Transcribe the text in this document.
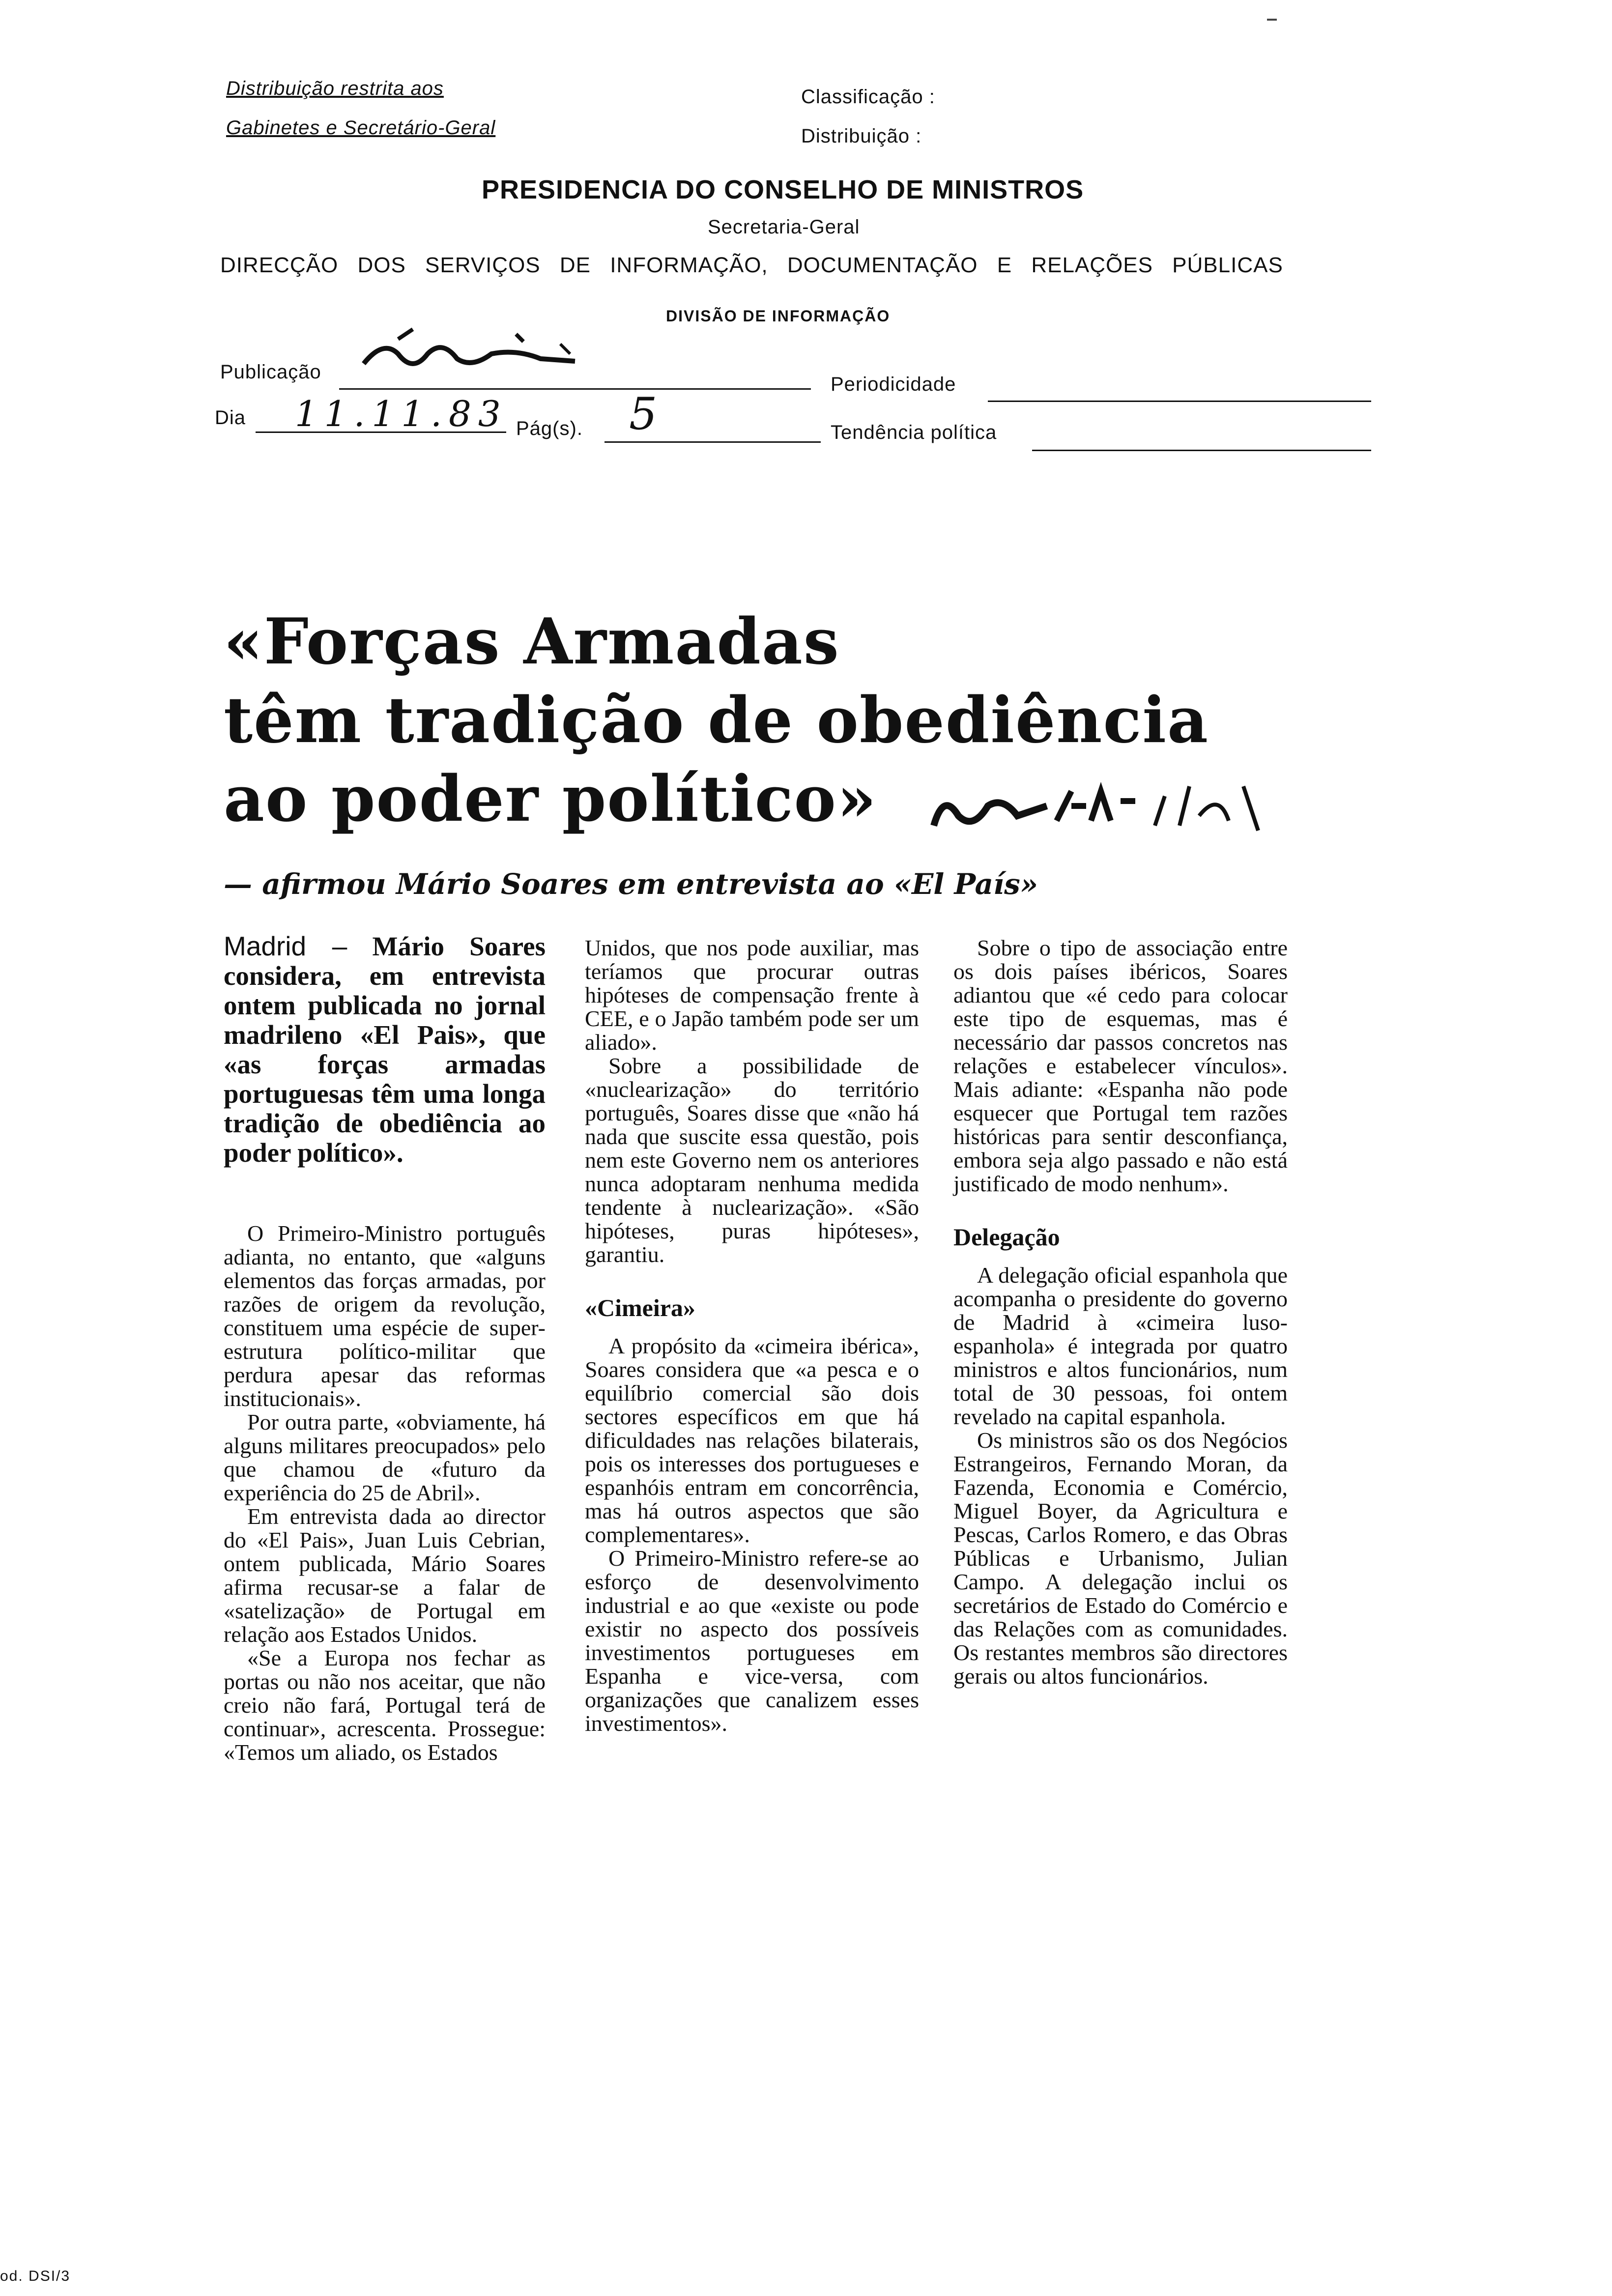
Distribuição restrita aos
Gabinetes e Secretário-Geral
Classificação :
Distribuição :
PRESIDENCIA DO CONSELHO DE MINISTROS
Secretaria-Geral
DIRECÇÃO DOS SERVIÇOS DE INFORMAÇÃO, DOCUMENTAÇÃO E RELAÇÕES PÚBLICAS
DIVISÃO DE INFORMAÇÃO
Publicação
Periodicidade
Dia 11.11.83 Pág(s). 5	Tendência política
«Forças Armadas
têm tradição de obediência
ao poder político»
— afirmou Mário Soares em entrevista ao «El País»
Madrid – Mário Soares considera, em entrevista ontem publicada no jornal madrileno «El Pais», que «as forças armadas portuguesas têm uma longa tradição de obediência ao poder político».

O Primeiro-Ministro português adianta, no entanto, que «alguns elementos das forças armadas, por razões de origem da revolução, constituem uma espécie de super-estrutura político-militar que perdura apesar das reformas institucionais».

Por outra parte, «obviamente, há alguns militares preocupados» pelo que chamou de «futuro da experiência do 25 de Abril».

Em entrevista dada ao director do «El Pais», Juan Luis Cebrian, ontem publicada, Mário Soares afirma recusar-se a falar de «satelização» de Portugal em relação aos Estados Unidos.

«Se a Europa nos fechar as portas ou não nos aceitar, que não creio não fará, Portugal terá de continuar», acrescenta. Prossegue: «Temos um aliado, os Estados

Unidos, que nos pode auxiliar, mas teríamos que procurar outras hipóteses de compensação frente à CEE, e o Japão também pode ser um aliado».

Sobre a possibilidade de «nuclearização» do território português, Soares disse que «não há nada que suscite essa questão, pois nem este Governo nem os anteriores nunca adoptaram nenhuma medida tendente à nuclearização». «São hipóteses, puras hipóteses», garantiu.

«Cimeira»

A propósito da «cimeira ibérica», Soares considera que «a pesca e o equilíbrio comercial são dois sectores específicos em que há dificuldades nas relações bilaterais, pois os interesses dos portugueses e espanhóis entram em concorrência, mas há outros aspectos que são complementares».

O Primeiro-Ministro refere-se ao esforço de desenvolvimento industrial e ao que «existe ou pode existir no aspecto dos possíveis investimentos portugueses em Espanha e vice-versa, com organizações que canalizem esses investimentos».

Sobre o tipo de associação entre os dois países ibéricos, Soares adiantou que «é cedo para colocar este tipo de esquemas, mas é necessário dar passos concretos nas relações e estabelecer vínculos». Mais adiante: «Espanha não pode esquecer que Portugal tem razões históricas para sentir desconfiança, embora seja algo passado e não está justificado de modo nenhum».

Delegação

A delegação oficial espanhola que acompanha o presidente do governo de Madrid à «cimeira luso-espanhola» é integrada por quatro ministros e altos funcionários, num total de 30 pessoas, foi ontem revelado na capital espanhola.

Os ministros são os dos Negócios Estrangeiros, Fernando Moran, da Fazenda, Economia e Comércio, Miguel Boyer, da Agricultura e Pescas, Carlos Romero, e das Obras Públicas e Urbanismo, Julian Campo. A delegação inclui os secretários de Estado do Comércio e das Relações com as comunidades. Os restantes membros são directores gerais ou altos funcionários.

od. DSI/3
